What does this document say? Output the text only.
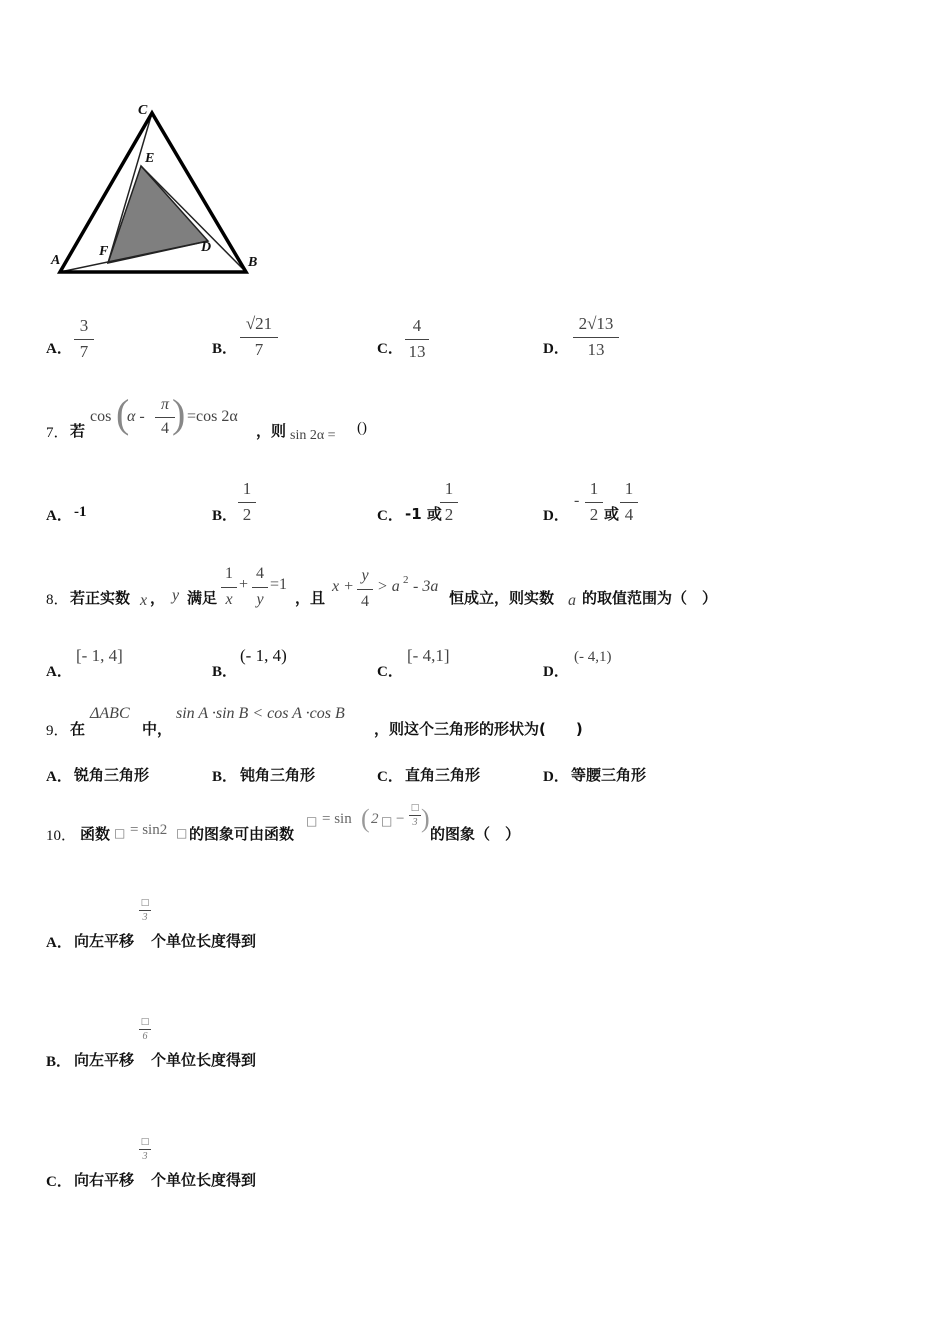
C
E
A
F	D
B
A．
3
7	B．
√21
7	C．
4
13	D．
2√13
13
7． 若
cos (
α -
π
4 ) =cos 2α
，则 sin 2α = ()
A． -1	B．
1
2	C． -1 或
1
2	D．
-
1
2 或
1
4
8． 若正实数 x ， y 满足
1
x
+
4
y
=1
，且
x +
y
4
> a 2 - 3a
恒成立，则实数 a 的取值范围为（　）
A．
[- 1, 4]
B．
(- 1, 4)
C．
[- 4,1]
D．
(- 4,1)
9． 在
ΔABC
中，
sin A ·sin B < cos A ·cos B
，则这个三角形的形状为(　　)
A． 锐角三角形	B． 钝角三角形	C． 直角三角形	D． 等腰三角形
10． 函数 □ = sin2 □ 的图象可由函数
□ = sin ( 2 □ −
□
3 )
的图象（　）
A． 向左平移
□
3
个单位长度得到
B． 向左平移
□
6
个单位长度得到
C． 向右平移
□
3
个单位长度得到
